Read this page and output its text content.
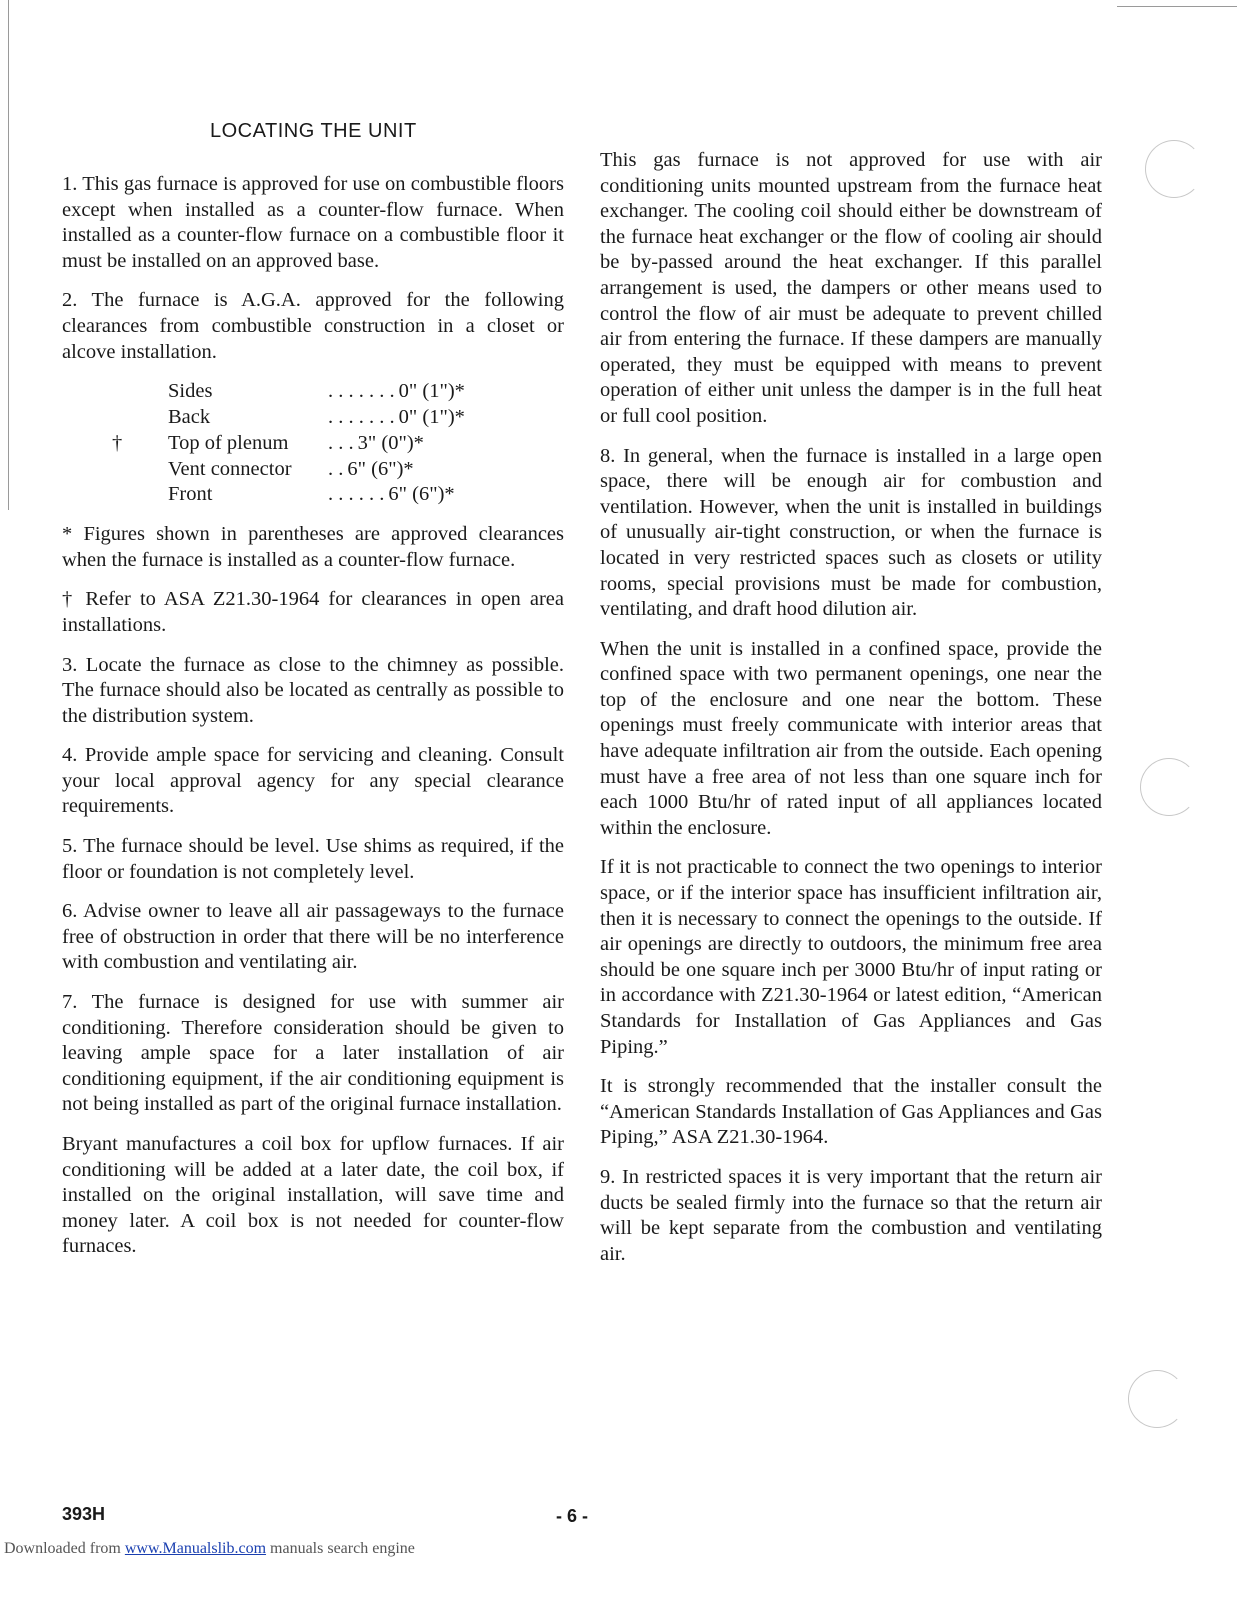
LOCATING THE UNIT

1. This gas furnace is approved for use on combustible floors except when installed as a counter-flow furnace. When installed as a counter-flow furnace on a combustible floor it must be installed on an approved base.

2. The furnace is A.G.A. approved for the following clearances from combustible construction in a closet or alcove installation.

Sides	. . . . . . . 0" (1")*
Back	. . . . . . . 0" (1")*
†	Top of plenum	. . . 3" (0")*
Vent connector	. . 6" (6")*
Front	. . . . . . 6" (6")*

* Figures shown in parentheses are approved clearances when the furnace is installed as a counter-flow furnace.

† Refer to ASA Z21.30-1964 for clearances in open area installations.

3. Locate the furnace as close to the chimney as possible. The furnace should also be located as centrally as possible to the distribution system.

4. Provide ample space for servicing and cleaning. Consult your local approval agency for any special clearance requirements.

5. The furnace should be level. Use shims as required, if the floor or foundation is not completely level.

6. Advise owner to leave all air passageways to the furnace free of obstruction in order that there will be no interference with combustion and ventilating air.

7. The furnace is designed for use with summer air conditioning. Therefore consideration should be given to leaving ample space for a later installation of air conditioning equipment, if the air conditioning equipment is not being installed as part of the original furnace installation.

Bryant manufactures a coil box for upflow furnaces. If air conditioning will be added at a later date, the coil box, if installed on the original installation, will save time and money later. A coil box is not needed for counter-flow furnaces.

This gas furnace is not approved for use with air conditioning units mounted upstream from the furnace heat exchanger. The cooling coil should either be downstream of the furnace heat exchanger or the flow of cooling air should be by-passed around the heat exchanger. If this parallel arrangement is used, the dampers or other means used to control the flow of air must be adequate to prevent chilled air from entering the furnace. If these dampers are manually operated, they must be equipped with means to prevent operation of either unit unless the damper is in the full heat or full cool position.

8. In general, when the furnace is installed in a large open space, there will be enough air for combustion and ventilation. However, when the unit is installed in buildings of unusually air-tight construction, or when the furnace is located in very restricted spaces such as closets or utility rooms, special provisions must be made for combustion, ventilating, and draft hood dilution air.

When the unit is installed in a confined space, provide the confined space with two permanent openings, one near the top of the enclosure and one near the bottom. These openings must freely communicate with interior areas that have adequate infiltration air from the outside. Each opening must have a free area of not less than one square inch for each 1000 Btu/hr of rated input of all appliances located within the enclosure.

If it is not practicable to connect the two openings to interior space, or if the interior space has insufficient infiltration air, then it is necessary to connect the openings to the outside. If air openings are directly to outdoors, the minimum free area should be one square inch per 3000 Btu/hr of input rating or in accordance with Z21.30-1964 or latest edition, “American Standards for Installation of Gas Appliances and Gas Piping.”

It is strongly recommended that the installer consult the “American Standards Installation of Gas Appliances and Gas Piping,” ASA Z21.30-1964.

9. In restricted spaces it is very important that the return air ducts be sealed firmly into the furnace so that the return air will be kept separate from the combustion and ventilating air.

393H	- 6 -
Downloaded from www.Manualslib.com manuals search engine
